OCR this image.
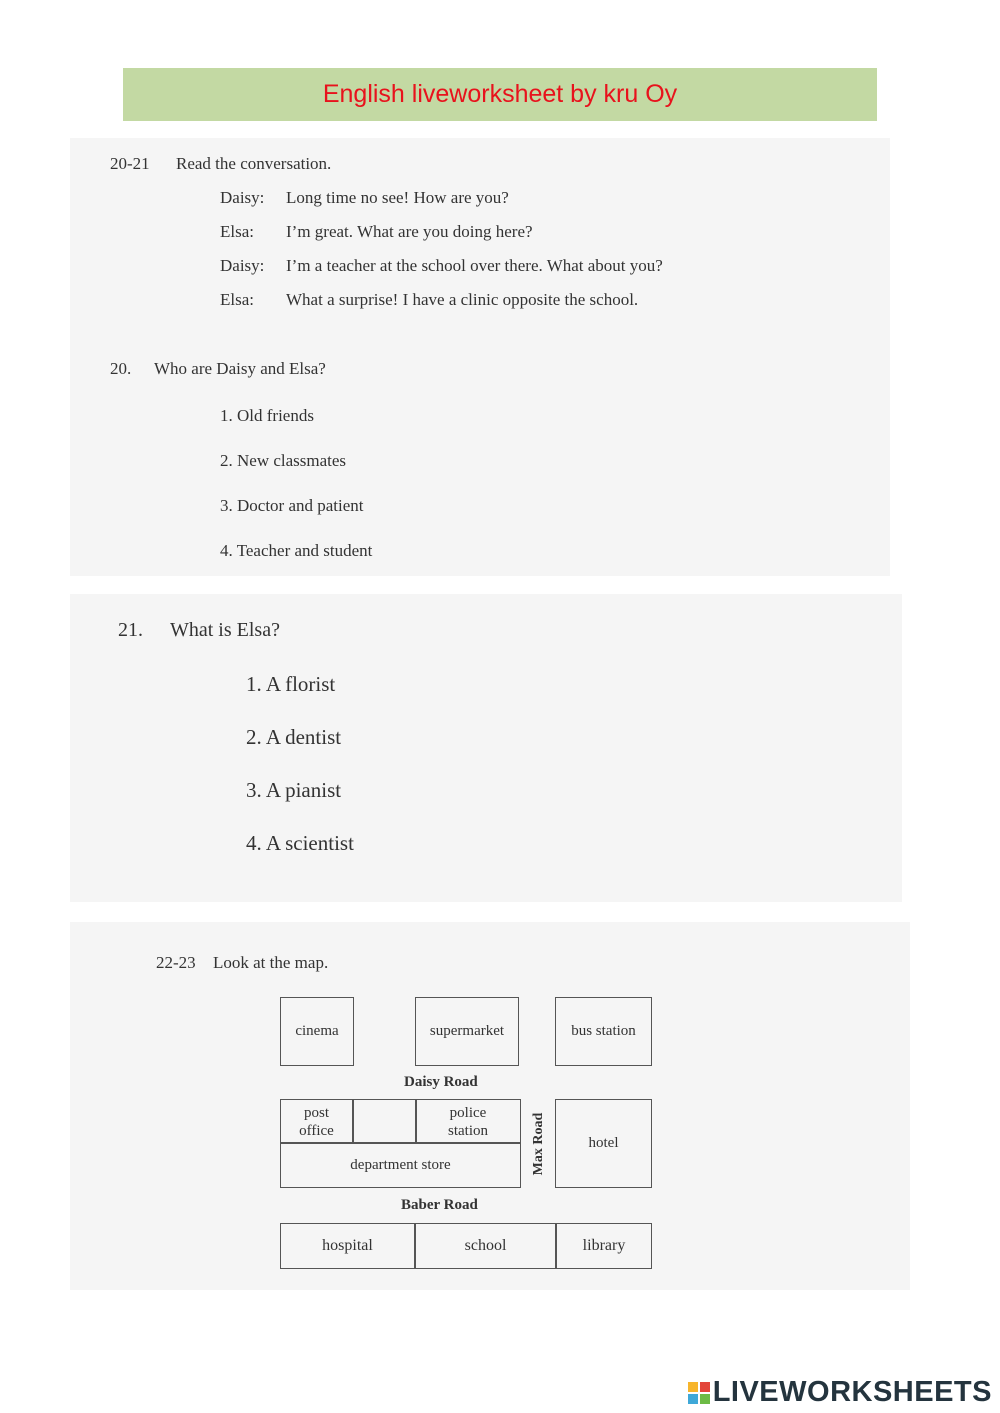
English liveworksheet by kru Oy
20-21 Read the conversation.
Daisy: Long time no see! How are you?
Elsa: I’m great. What are you doing here?
Daisy: I’m a teacher at the school over there. What about you?
Elsa: What a surprise! I have a clinic opposite the school.
20. Who are Daisy and Elsa?
1. Old friends
2. New classmates
3. Doctor and patient
4. Teacher and student
21. What is Elsa?
1. A florist
2. A dentist
3. A pianist
4. A scientist
22-23 Look at the map.
cinema	supermarket	bus station
Daisy Road
post office
police station
department store	Max Road	hotel
Baber Road
hospital	school	library
LIVEWORKSHEETS
